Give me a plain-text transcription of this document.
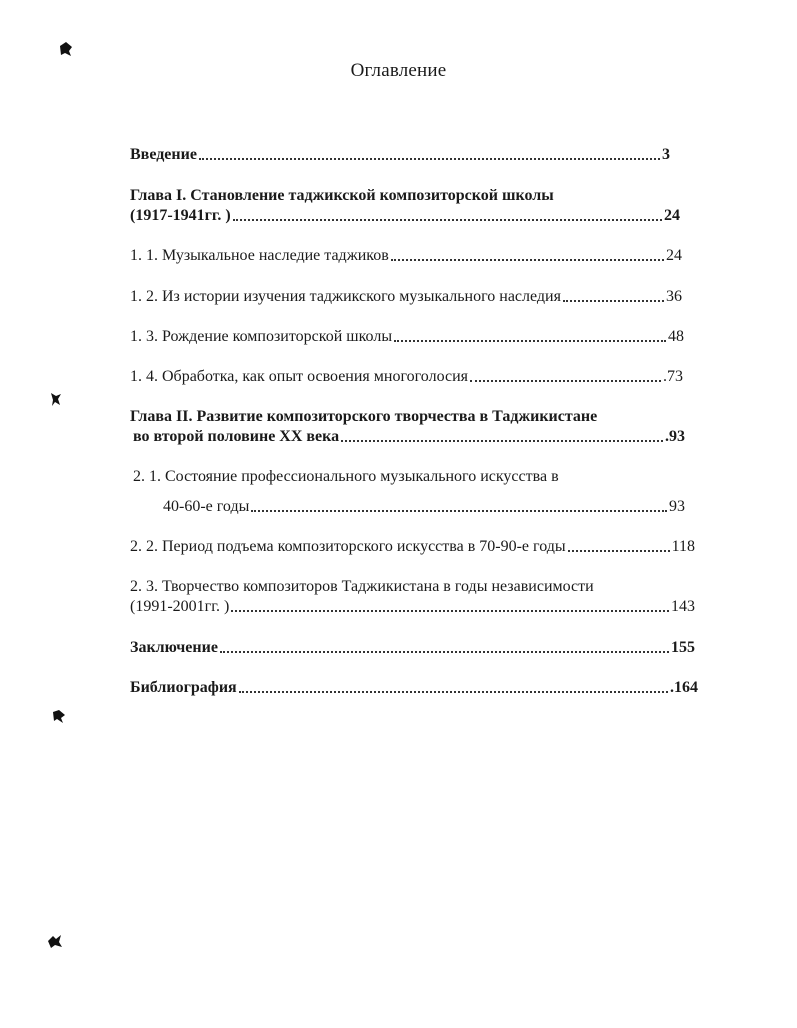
Оглавление
Введение	3
Глава I. Становление таджикской композиторской школы
(1917-1941гг. )	24
1. 1. Музыкальное наследие таджиков	24
1. 2. Из истории изучения таджикского музыкального наследия	36
1. 3. Рождение композиторской школы	48
1. 4. Обработка, как опыт освоения многоголосия	.73
Глава II. Развитие композиторского творчества в Таджикистане
во второй половине XX века	.93
2. 1. Состояние профессионального музыкального искусства в
40-60-е годы	93
2. 2. Период подъема композиторского искусства в 70-90-е годы	118
2. 3. Творчество композиторов Таджикистана в годы независимости
(1991-2001гг. )	143
Заключение	155
Библиография	.164
